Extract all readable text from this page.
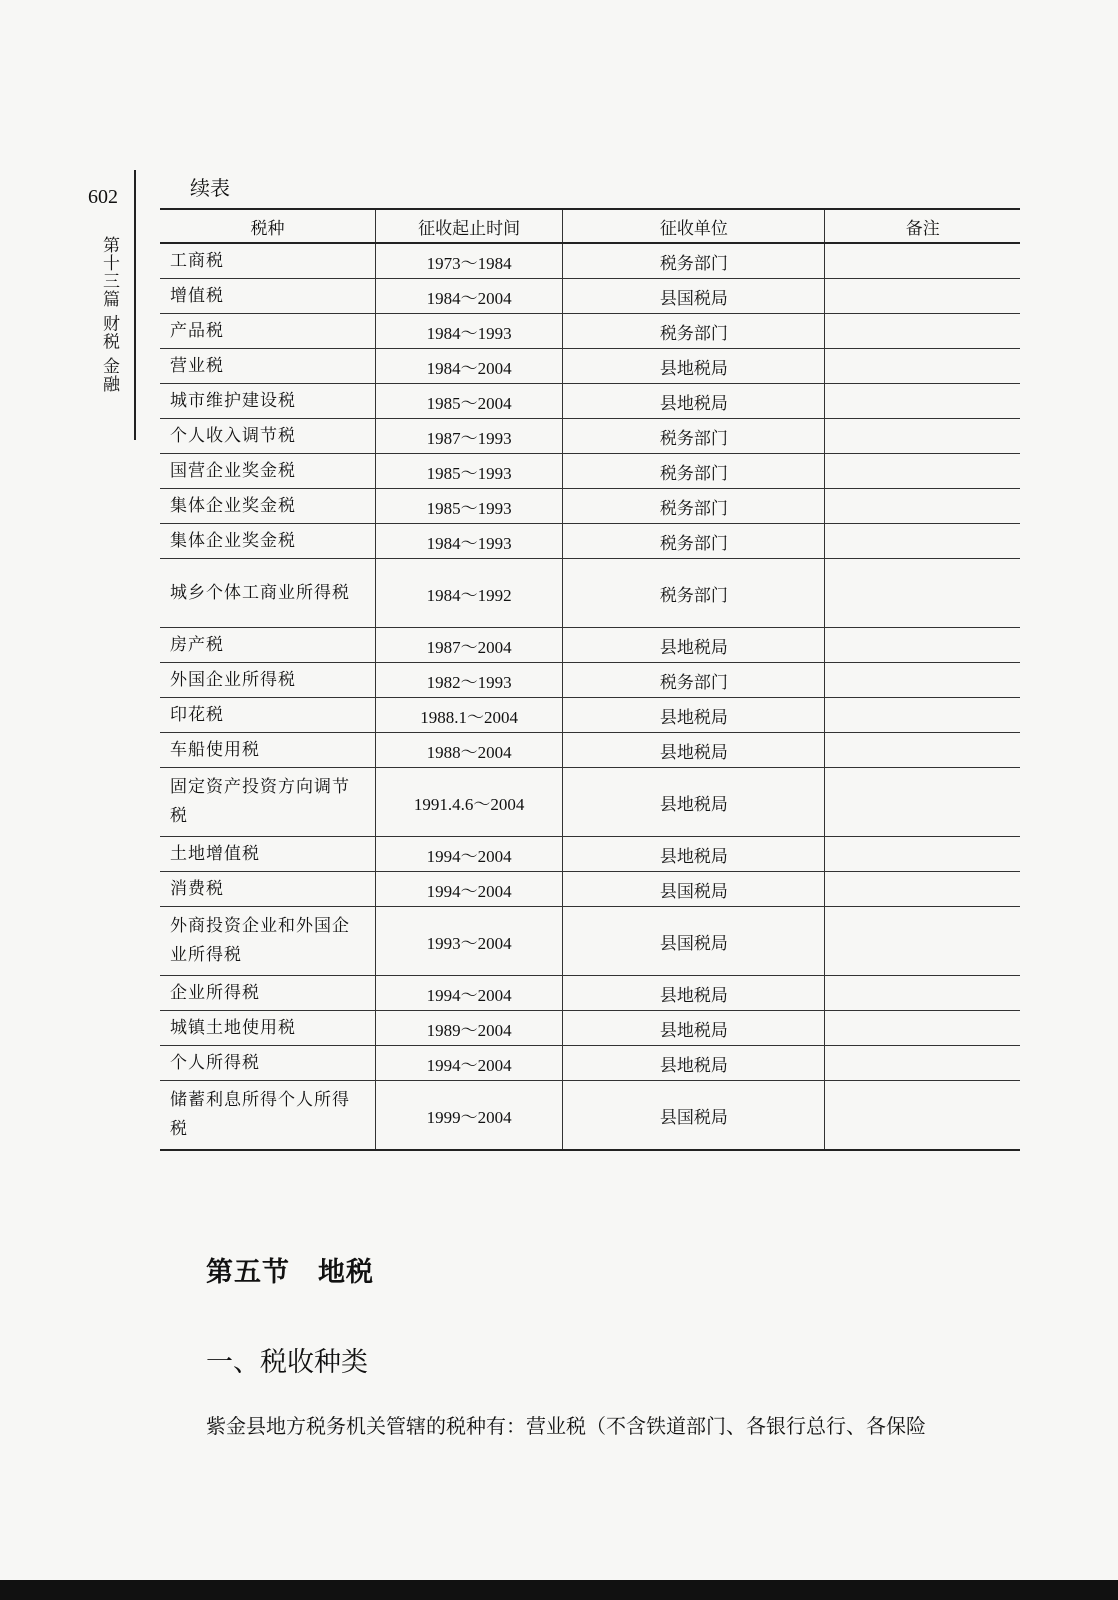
602
第十三篇 财税 金融
续表
税种	征收起止时间	征收单位	备注
工商税	1973～1984	税务部门	
增值税	1984～2004	县国税局	
产品税	1984～1993	税务部门	
营业税	1984～2004	县地税局	
城市维护建设税	1985～2004	县地税局	
个人收入调节税	1987～1993	税务部门	
国营企业奖金税	1985～1993	税务部门	
集体企业奖金税	1985～1993	税务部门	
集体企业奖金税	1984～1993	税务部门	
城乡个体工商业所得税	1984～1992	税务部门	
房产税	1987～2004	县地税局	
外国企业所得税	1982～1993	税务部门	
印花税	1988.1～2004	县地税局	
车船使用税	1988～2004	县地税局	
固定资产投资方向调节税	1991.4.6～2004	县地税局	
土地增值税	1994～2004	县地税局	
消费税	1994～2004	县国税局	
外商投资企业和外国企业所得税	1993～2004	县国税局	
企业所得税	1994～2004	县地税局	
城镇土地使用税	1989～2004	县地税局	
个人所得税	1994～2004	县地税局	
储蓄利息所得个人所得税	1999～2004	县国税局	
第五节　地税
一、税收种类
紫金县地方税务机关管辖的税种有：营业税（不含铁道部门、各银行总行、各保险
